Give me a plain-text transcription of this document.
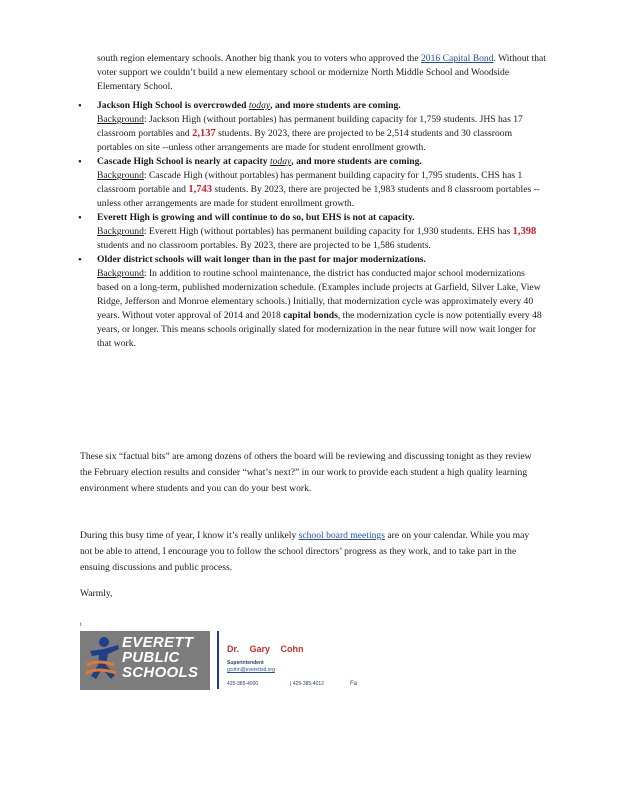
south region elementary schools. Another big thank you to voters who approved the 2016 Capital Bond. Without that voter support we couldn’t build a new elementary school or modernize North Middle School and Woodside Elementary School.
• Jackson High School is overcrowded today, and more students are coming.
Background: Jackson High (without portables) has permanent building capacity for 1,759 students. JHS has 17 classroom portables and 2,137 students. By 2023, there are projected to be 2,514 students and 30 classroom portables on site --unless other arrangements are made for student enrollment growth.
• Cascade High School is nearly at capacity today, and more students are coming.
Background: Cascade High (without portables) has permanent building capacity for 1,795 students. CHS has 1 classroom portable and 1,743 students. By 2023, there are projected be 1,983 students and 8 classroom portables --unless other arrangements are made for student enrollment growth.
• Everett High is growing and will continue to do so, but EHS is not at capacity.
Background: Everett High (without portables) has permanent building capacity for 1,930 students. EHS has 1,398 students and no classroom portables. By 2023, there are projected to be 1,586 students.
• Older district schools will wait longer than in the past for major modernizations.
Background: In addition to routine school maintenance, the district has conducted major school modernizations based on a long-term, published modernization schedule. (Examples include projects at Garfield, Silver Lake, View Ridge, Jefferson and Monroe elementary schools.) Initially, that modernization cycle was approximately every 40 years. Without voter approval of 2014 and 2018 capital bonds, the modernization cycle is now potentially every 48 years, or longer. This means schools originally slated for modernization in the near future will now wait longer for that work.
These six “factual bits” are among dozens of others the board will be reviewing and discussing tonight as they review the February election results and consider “what’s next?” in our work to provide each student a high quality learning environment where students and you can do your best work.
During this busy time of year, I know it’s really unlikely school board meetings are on your calendar. While you may not be able to attend, I encourage you to follow the school directors’ progress as they work, and to take part in the ensuing discussions and public process.
Warmly,
t
EVERETT
PUBLIC
SCHOOLS
Dr. Gary Cohn
Superintendent
gcohn@everettsd.org
425-385-4000	| 425-385-4012	Fa
